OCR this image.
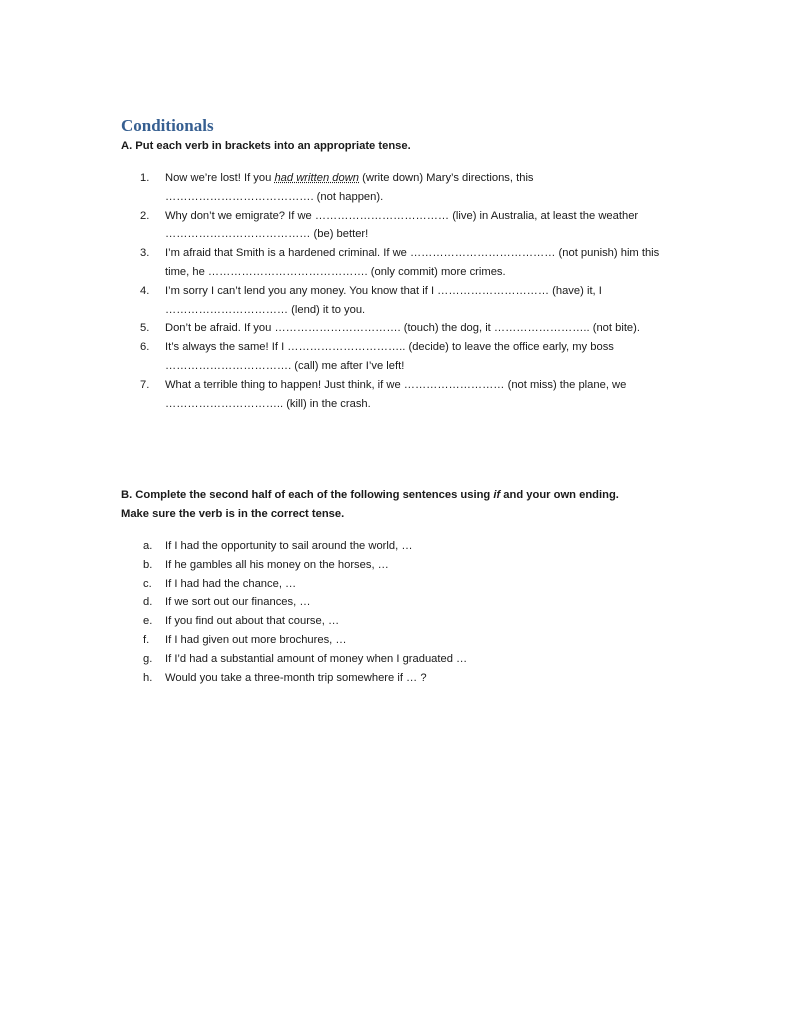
Conditionals

A. Put each verb in brackets into an appropriate tense.

1. Now we’re lost! If you had written down (write down) Mary’s directions, this
…………………………………. (not happen).
2. Why don’t we emigrate? If we ……………………………… (live) in Australia, at least the weather
………………………………… (be) better!
3. I’m afraid that Smith is a hardened criminal. If we ………………………………… (not punish) him this
time, he ……………………………………. (only commit) more crimes.
4. I’m sorry I can’t lend you any money. You know that if I ………………………… (have) it, I
…………………………… (lend) it to you.
5. Don’t be afraid. If you ……………………………. (touch) the dog, it …………………….. (not bite).
6. It’s always the same! If I ………………………….. (decide) to leave the office early, my boss
……………………………. (call) me after I’ve left!
7. What a terrible thing to happen! Just think, if we ……………………… (not miss) the plane, we
………………………….. (kill) in the crash.

B. Complete the second half of each of the following sentences using if and your own ending.
Make sure the verb is in the correct tense.

a. If I had the opportunity to sail around the world, …
b. If he gambles all his money on the horses, …
c. If I had had the chance, …
d. If we sort out our finances, …
e. If you find out about that course, …
f. If I had given out more brochures, …
g. If I’d had a substantial amount of money when I graduated …
h. Would you take a three-month trip somewhere if … ?
